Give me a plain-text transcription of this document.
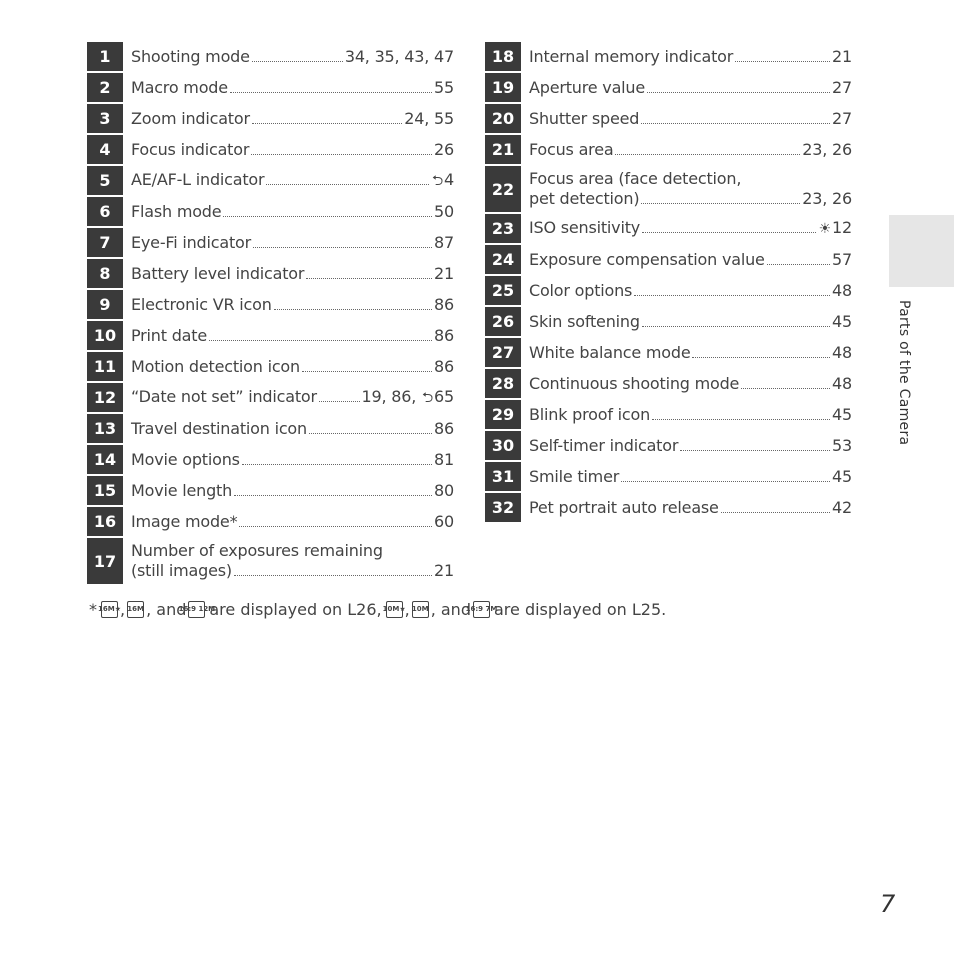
1	Shooting mode	34, 35, 43, 47
2	Macro mode	55
3	Zoom indicator	24, 55
4	Focus indicator	26
5	AE/AF-L indicator	⮌4
6	Flash mode	50
7	Eye-Fi indicator	87
8	Battery level indicator	21
9	Electronic VR icon	86
10 Print date	86
11 Motion detection icon	86
12 “Date not set” indicator	19, 86, ⮌65
13 Travel destination icon	86
14 Movie options	81
15 Movie length	80
16 Image mode*	60
17
Number of exposures remaining
(still images)	21
18 Internal memory indicator	21
19 Aperture value	27
20 Shutter speed	27
21 Focus area	23, 26
22
Focus area (face detection,
pet detection)	23, 26
23 ISO sensitivity	☀12
24 Exposure compensation value	57
25 Color options	48
26 Skin softening	45
27 White balance mode	48
28 Continuous shooting mode	48
29 Blink proof icon	45
30 Self-timer indicator	53
31 Smile timer	45
32 Pet portrait auto release	42
Parts of the Camera
* 16M★ , 16M , and
16:9 12M
are displayed on L26, 10M★ , 10M , and
16:9 7M
are displayed on L25.
7
